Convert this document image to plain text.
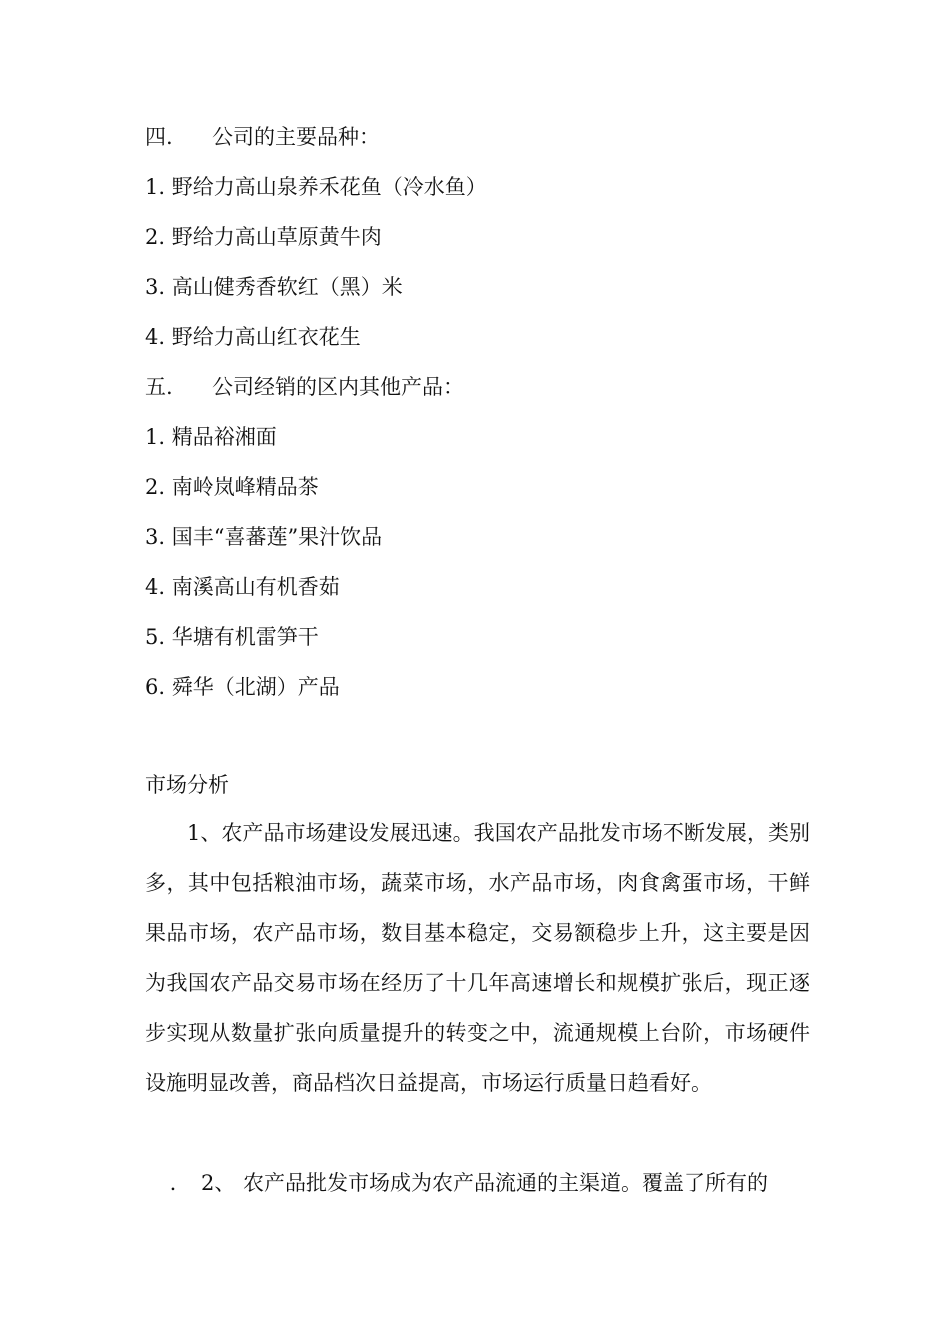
四. 公司的主要品种：
1. 野给力高山泉养禾花鱼（冷水鱼）
2. 野给力高山草原黄牛肉
3. 高山健秀香软红（黑）米
4. 野给力高山红衣花生
五. 公司经销的区内其他产品：
1. 精品裕湘面
2. 南岭岚峰精品茶
3. 国丰“喜蕃莲”果汁饮品
4. 南溪高山有机香茹
5. 华塘有机雷笋干
6. 舜华（北湖）产品
市场分析
1、农产品市场建设发展迅速。我国农产品批发市场不断发展，类别多，其中包括粮油市场，蔬菜市场，水产品市场，肉食禽蛋市场，干鲜果品市场，农产品市场，数目基本稳定，交易额稳步上升，这主要是因为我国农产品交易市场在经历了十几年高速增长和规模扩张后，现正逐步实现从数量扩张向质量提升的转变之中，流通规模上台阶，市场硬件设施明显改善，商品档次日益提高，市场运行质量日趋看好。
. 2、 农产品批发市场成为农产品流通的主渠道。覆盖了所有的
